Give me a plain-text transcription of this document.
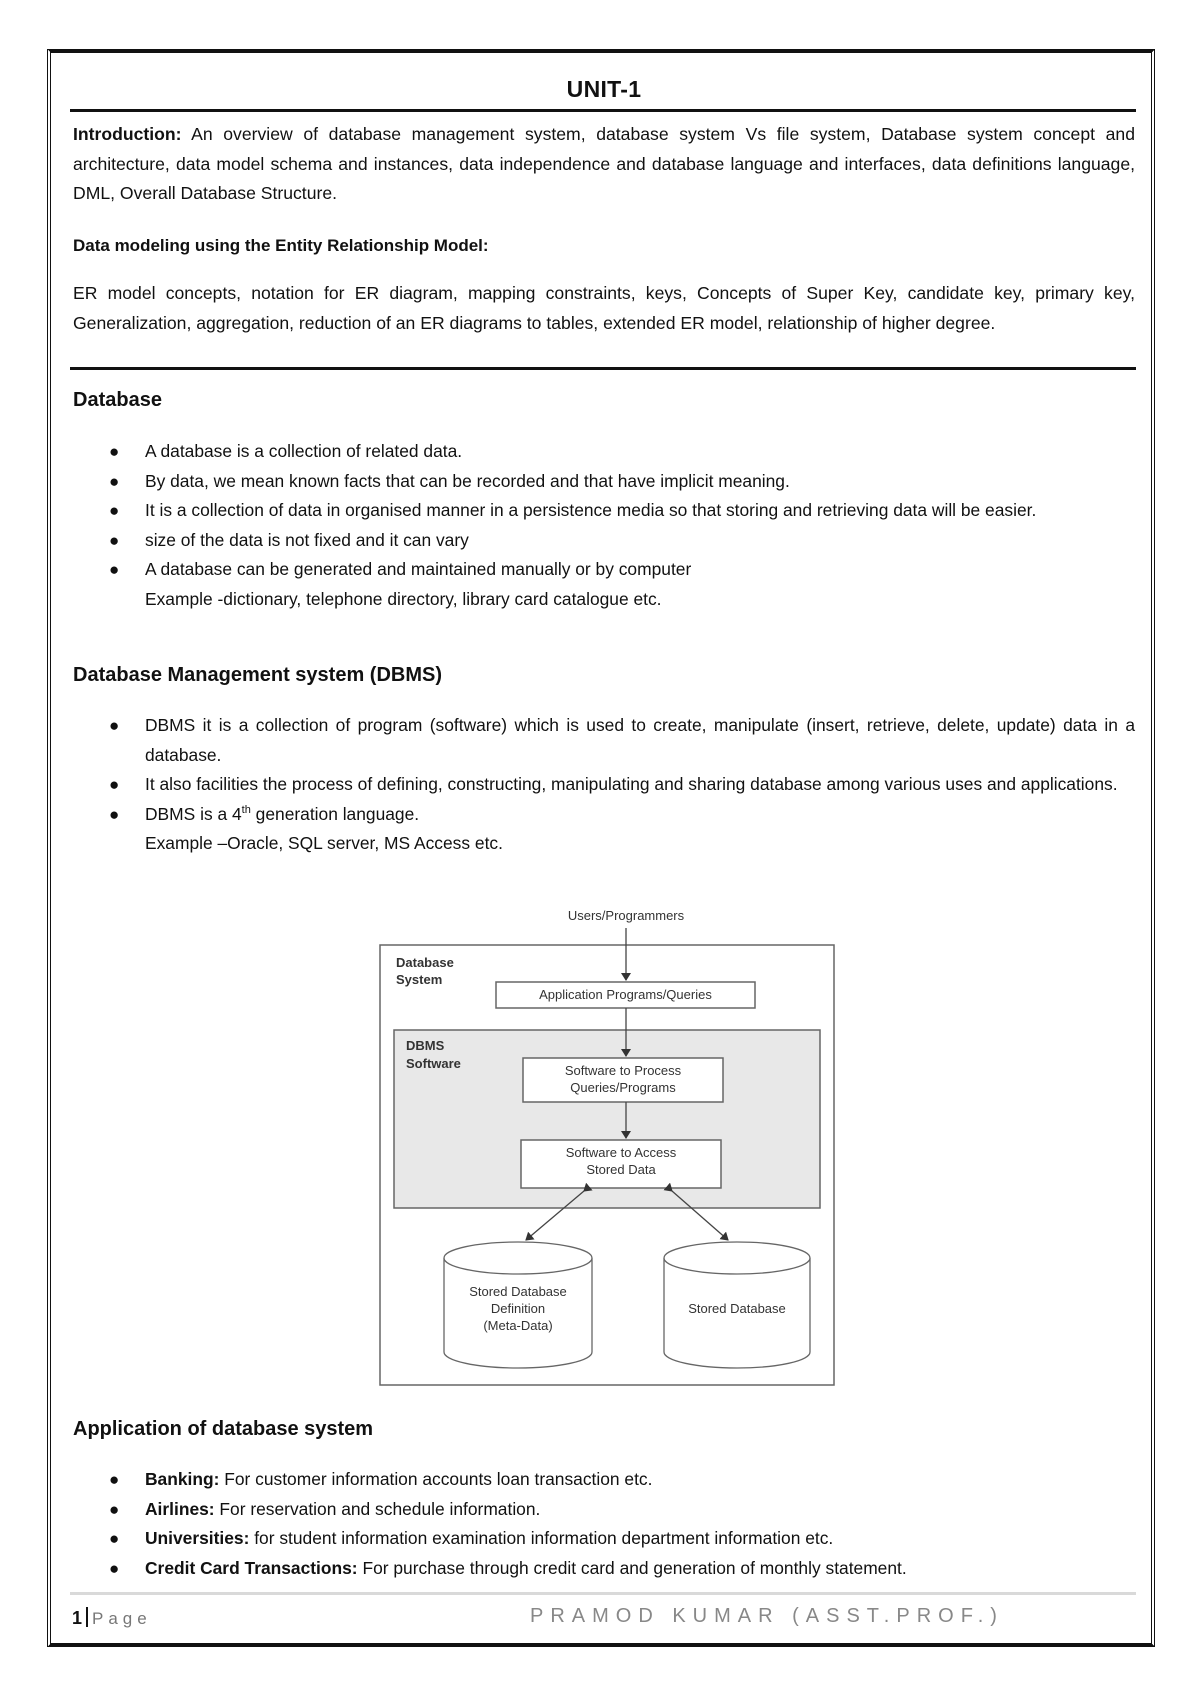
UNIT-1

Introduction: An overview of database management system, database system Vs file system, Database system concept and architecture, data model schema and instances, data independence and database language and interfaces, data definitions language, DML, Overall Database Structure.

Data modeling using the Entity Relationship Model:

ER model concepts, notation for ER diagram, mapping constraints, keys, Concepts of Super Key, candidate key, primary key, Generalization, aggregation, reduction of an ER diagrams to tables, extended ER model, relationship of higher degree.

Database
● A database is a collection of related data.
● By data, we mean known facts that can be recorded and that have implicit meaning.
● It is a collection of data in organised manner in a persistence media so that storing and retrieving data will be easier.
● size of the data is not fixed and it can vary
● A database can be generated and maintained manually or by computer
Example -dictionary, telephone directory, library card catalogue etc.
Database Management system (DBMS)
● DBMS it is a collection of program (software) which is used to create, manipulate (insert, retrieve, delete, update) data in a database.
● It also facilities the process of defining, constructing, manipulating and sharing database among various uses and applications.
● DBMS is a 4th generation language.
Example –Oracle, SQL server, MS Access etc.
Users/Programmers
Database
System
Application Programs/Queries
DBMS
Software	Software to Process
Queries/Programs
Software to Access
Stored Data
Stored Database
Definition
(Meta-Data)
Stored Database
Application of database system
● Banking: For customer information accounts loan transaction etc.
● Airlines: For reservation and schedule information.
● Universities: for student information examination information department information etc.
● Credit Card Transactions: For purchase through credit card and generation of monthly statement.
1 Page	PRAMOD KUMAR (ASST.PROF.)
